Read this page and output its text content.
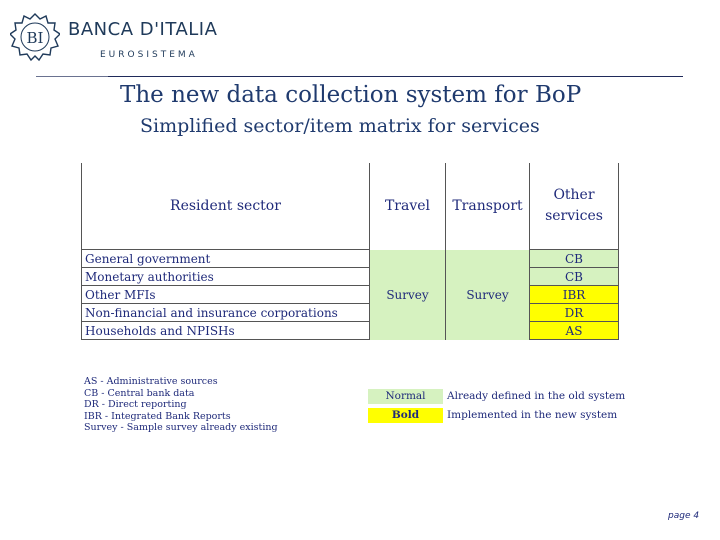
BI BANCA D'ITALIA
EUROSISTEMA
The new data collection system for BoP
Simplified sector/item matrix for services
Resident sector	Travel	Transport	Other services
General government	Survey	Survey	CB
Monetary authorities			CB
Other MFIs			IBR
Non-financial and insurance corporations			DR
Households and NPISHs			AS
AS - Administrative sources
CB - Central bank data
DR - Direct reporting
IBR - Integrated Bank Reports
Survey - Sample survey already existing
Normal	Already defined in the old system
Bold	Implemented in the new system
page 4
